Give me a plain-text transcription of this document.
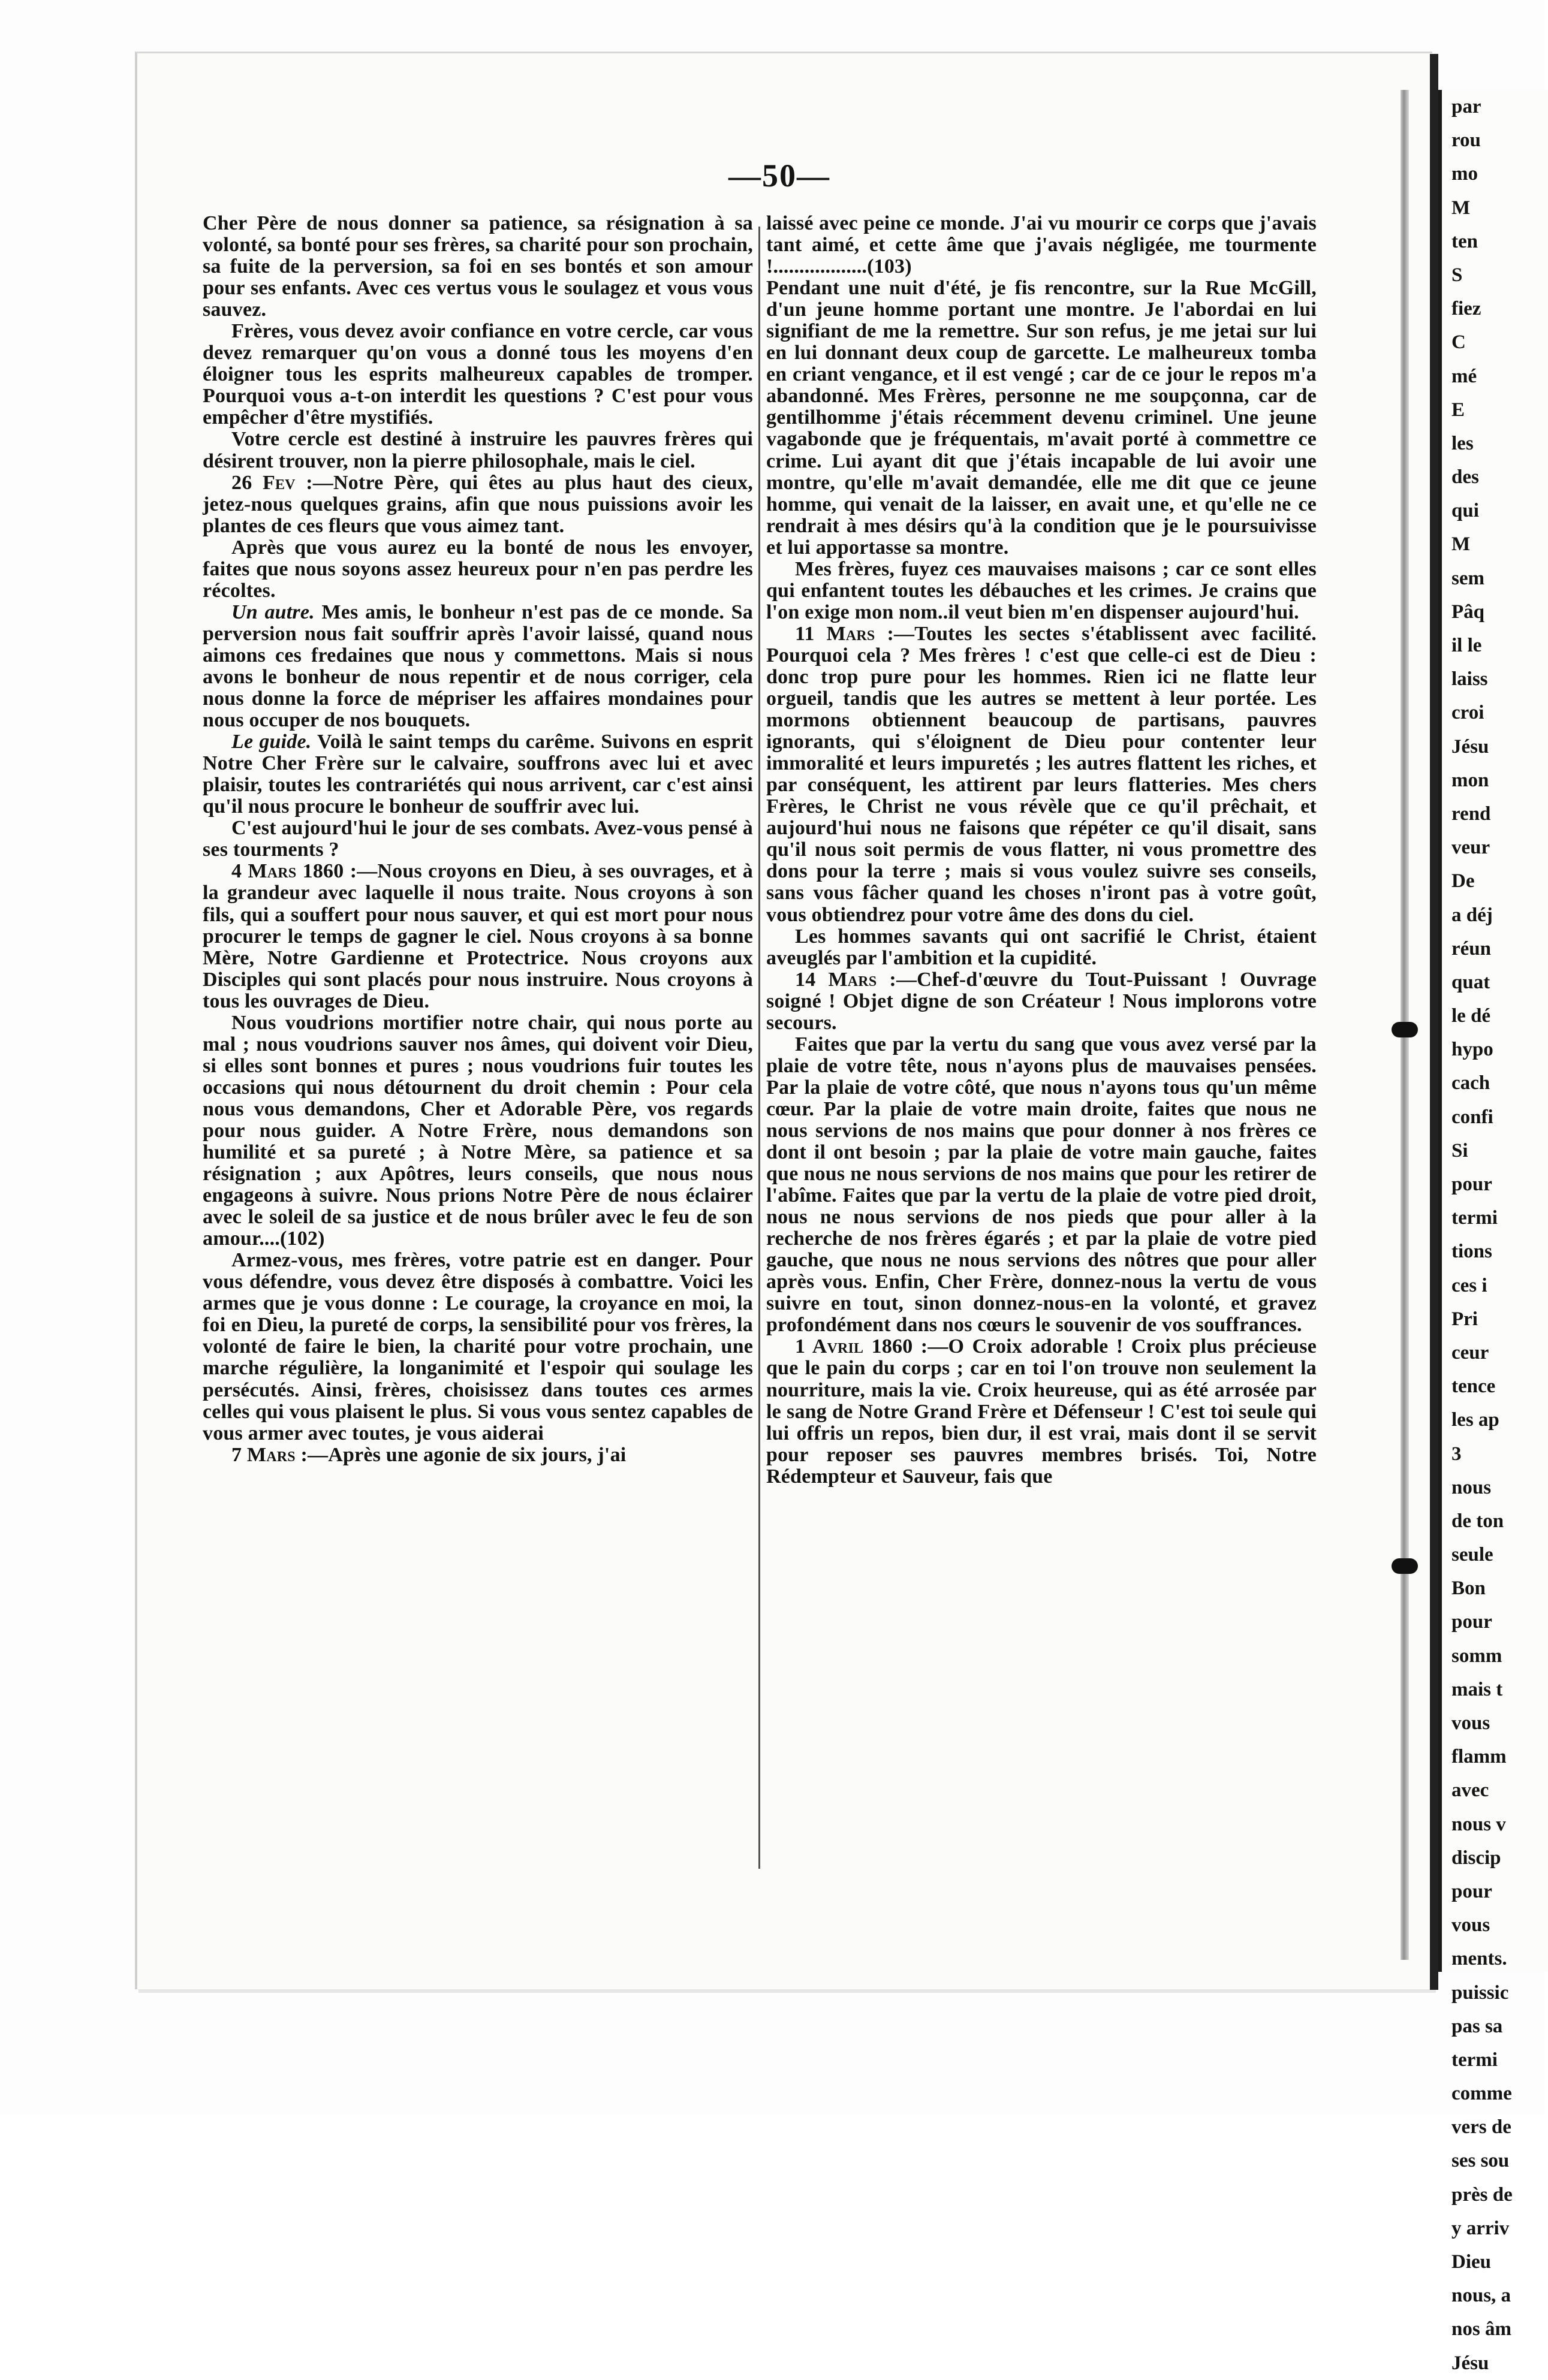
par
rou
mo
M
ten
S
fiez
C
mé
E
les
des
qui
M
sem
Pâq
il le
laiss
croi
Jésu
mon
rend
veur
De
a déj
réun
quat
le dé
hypo
cach
confi
Si
pour
termi
tions
ces i
Pri
ceur
tence
les ap
3
nous
de ton
seule
Bon
pour
somm
mais t
vous
flamm
avec
nous v
discip
pour
vous
ments.
puissic
pas sa
termi
comme
vers de
ses sou
près de
y arriv
Dieu
nous, a
nos âm
Jésu
—50—

Cher Père de nous donner sa patience, sa résignation à sa volonté, sa bonté pour ses frères, sa charité pour son prochain, sa fuite de la perversion, sa foi en ses bontés et son amour pour ses enfants. Avec ces vertus vous le soulagez et vous vous sauvez.

Frères, vous devez avoir confiance en votre cercle, car vous devez remarquer qu'on vous a donné tous les moyens d'en éloigner tous les esprits malheureux capables de tromper. Pourquoi vous a-t-on interdit les questions ? C'est pour vous empêcher d'être mystifiés.

Votre cercle est destiné à instruire les pauvres frères qui désirent trouver, non la pierre philosophale, mais le ciel.

26 Fev :—Notre Père, qui êtes au plus haut des cieux, jetez-nous quelques grains, afin que nous puissions avoir les plantes de ces fleurs que vous aimez tant.

Après que vous aurez eu la bonté de nous les envoyer, faites que nous soyons assez heureux pour n'en pas perdre les récoltes.

Un autre. Mes amis, le bonheur n'est pas de ce monde. Sa perversion nous fait souffrir après l'avoir laissé, quand nous aimons ces fredaines que nous y commettons. Mais si nous avons le bonheur de nous repentir et de nous corriger, cela nous donne la force de mépriser les affaires mondaines pour nous occuper de nos bouquets.

Le guide. Voilà le saint temps du carême. Suivons en esprit Notre Cher Frère sur le calvaire, souffrons avec lui et avec plaisir, toutes les contrariétés qui nous arrivent, car c'est ainsi qu'il nous procure le bonheur de souffrir avec lui.

C'est aujourd'hui le jour de ses combats. Avez-vous pensé à ses tourments ?

4 Mars 1860 :—Nous croyons en Dieu, à ses ouvrages, et à la grandeur avec laquelle il nous traite. Nous croyons à son fils, qui a souffert pour nous sauver, et qui est mort pour nous procurer le temps de gagner le ciel. Nous croyons à sa bonne Mère, Notre Gardienne et Protectrice. Nous croyons aux Disciples qui sont placés pour nous instruire. Nous croyons à tous les ouvrages de Dieu.

Nous voudrions mortifier notre chair, qui nous porte au mal ; nous voudrions sauver nos âmes, qui doivent voir Dieu, si elles sont bonnes et pures ; nous voudrions fuir toutes les occasions qui nous détournent du droit chemin : Pour cela nous vous demandons, Cher et Adorable Père, vos regards pour nous guider. A Notre Frère, nous demandons son humilité et sa pureté ; à Notre Mère, sa patience et sa résignation ; aux Apôtres, leurs conseils, que nous nous engageons à suivre. Nous prions Notre Père de nous éclairer avec le soleil de sa justice et de nous brûler avec le feu de son amour....(102)

Armez-vous, mes frères, votre patrie est en danger. Pour vous défendre, vous devez être disposés à combattre. Voici les armes que je vous donne : Le courage, la croyance en moi, la foi en Dieu, la pureté de corps, la sensibilité pour vos frères, la volonté de faire le bien, la charité pour votre prochain, une marche régulière, la longanimité et l'espoir qui soulage les persécutés. Ainsi, frères, choisissez dans toutes ces armes celles qui vous plaisent le plus. Si vous vous sentez capables de vous armer avec toutes, je vous aiderai

7 Mars :—Après une agonie de six jours, j'ai

laissé avec peine ce monde. J'ai vu mourir ce corps que j'avais tant aimé, et cette âme que j'avais négligée, me tourmente !..................(103)

Pendant une nuit d'été, je fis rencontre, sur la Rue McGill, d'un jeune homme portant une montre. Je l'abordai en lui signifiant de me la remettre. Sur son refus, je me jetai sur lui en lui donnant deux coup de garcette. Le malheureux tomba en criant vengance, et il est vengé ; car de ce jour le repos m'a abandonné. Mes Frères, personne ne me soupçonna, car de gentilhomme j'étais récemment devenu criminel. Une jeune vagabonde que je fréquentais, m'avait porté à commettre ce crime. Lui ayant dit que j'étais incapable de lui avoir une montre, qu'elle m'avait demandée, elle me dit que ce jeune homme, qui venait de la laisser, en avait une, et qu'elle ne ce rendrait à mes désirs qu'à la condition que je le poursuivisse et lui apportasse sa montre.

Mes frères, fuyez ces mauvaises maisons ; car ce sont elles qui enfantent toutes les débauches et les crimes. Je crains que l'on exige mon nom..il veut bien m'en dispenser aujourd'hui.

11 Mars :—Toutes les sectes s'établissent avec facilité. Pourquoi cela ? Mes frères ! c'est que celle-ci est de Dieu : donc trop pure pour les hommes. Rien ici ne flatte leur orgueil, tandis que les autres se mettent à leur portée. Les mormons obtiennent beaucoup de partisans, pauvres ignorants, qui s'éloignent de Dieu pour contenter leur immoralité et leurs impuretés ; les autres flattent les riches, et par conséquent, les attirent par leurs flatteries. Mes chers Frères, le Christ ne vous révèle que ce qu'il prêchait, et aujourd'hui nous ne faisons que répéter ce qu'il disait, sans qu'il nous soit permis de vous flatter, ni vous promettre des dons pour la terre ; mais si vous voulez suivre ses conseils, sans vous fâcher quand les choses n'iront pas à votre goût, vous obtiendrez pour votre âme des dons du ciel.

Les hommes savants qui ont sacrifié le Christ, étaient aveuglés par l'ambition et la cupidité.

14 Mars :—Chef-d'œuvre du Tout-Puissant ! Ouvrage soigné ! Objet digne de son Créateur ! Nous implorons votre secours.

Faites que par la vertu du sang que vous avez versé par la plaie de votre tête, nous n'ayons plus de mauvaises pensées. Par la plaie de votre côté, que nous n'ayons tous qu'un même cœur. Par la plaie de votre main droite, faites que nous ne nous servions de nos mains que pour donner à nos frères ce dont il ont besoin ; par la plaie de votre main gauche, faites que nous ne nous servions de nos mains que pour les retirer de l'abîme. Faites que par la vertu de la plaie de votre pied droit, nous ne nous servions de nos pieds que pour aller à la recherche de nos frères égarés ; et par la plaie de votre pied gauche, que nous ne nous servions des nôtres que pour aller après vous. Enfin, Cher Frère, donnez-nous la vertu de vous suivre en tout, sinon donnez-nous-en la volonté, et gravez profondément dans nos cœurs le souvenir de vos souffrances.

1 Avril 1860 :—O Croix adorable ! Croix plus précieuse que le pain du corps ; car en toi l'on trouve non seulement la nourriture, mais la vie. Croix heureuse, qui as été arrosée par le sang de Notre Grand Frère et Défenseur ! C'est toi seule qui lui offris un repos, bien dur, il est vrai, mais dont il se servit pour reposer ses pauvres membres brisés. Toi, Notre Rédempteur et Sauveur, fais que
